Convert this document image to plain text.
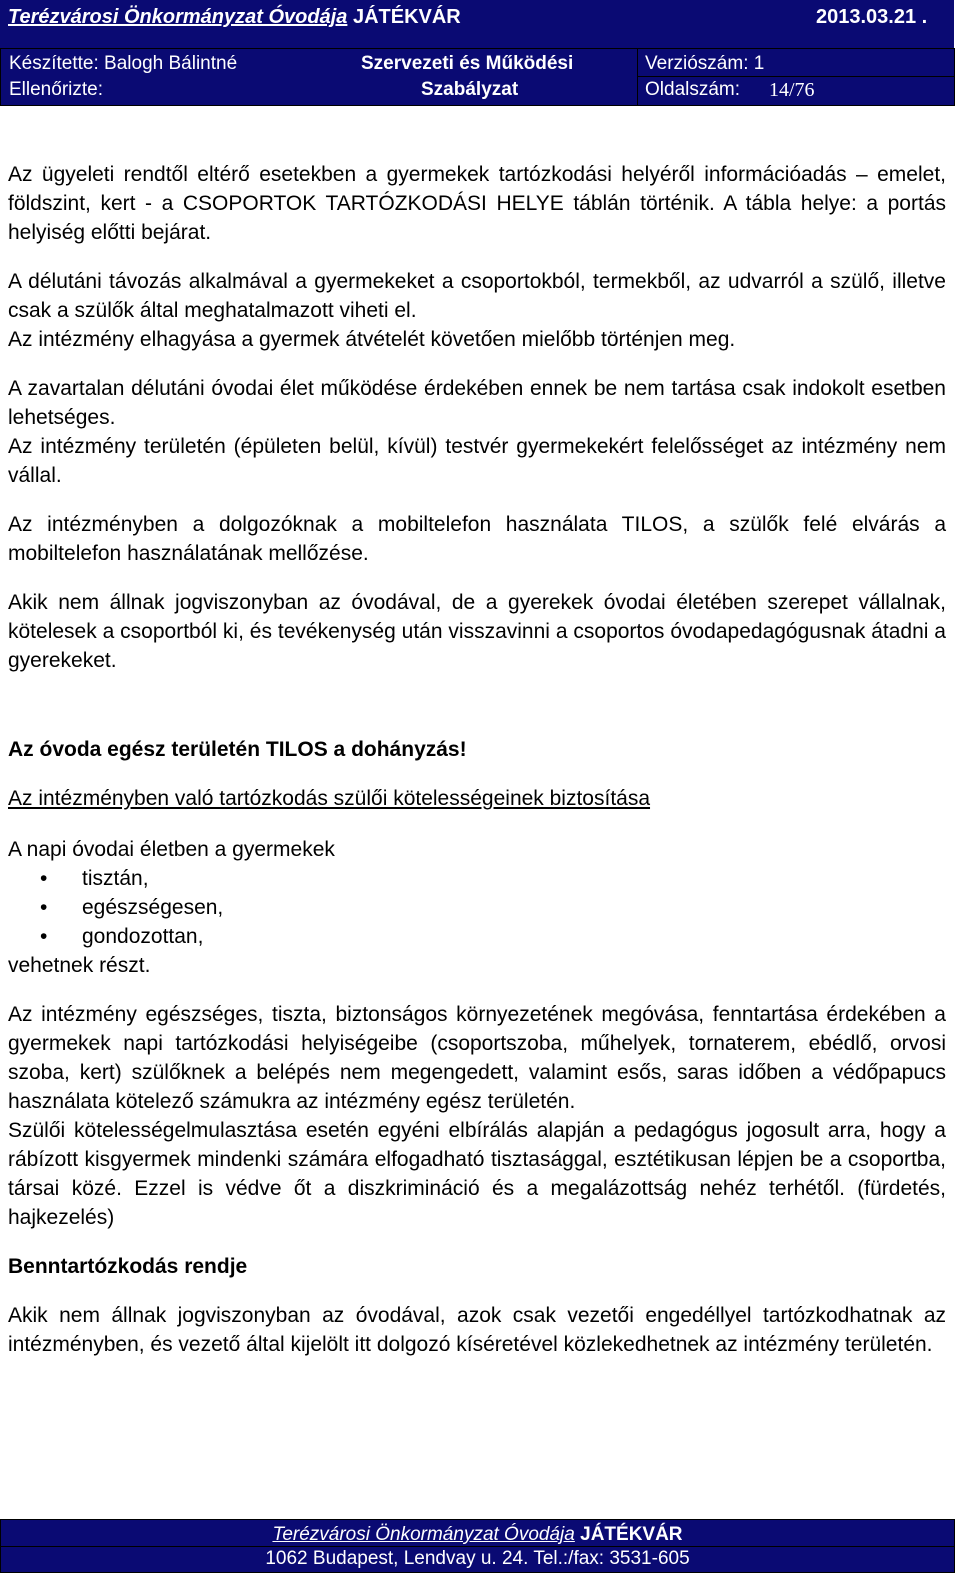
Terézvárosi Önkormányzat Óvodája JÁTÉKVÁR	2013.03.21 .
Készítette: Balogh Bálintné
Ellenőrizte:
Szervezeti és Működési
Szabályzat
Verziószám: 1
Oldalszám: 14/76

Az ügyeleti rendtől eltérő esetekben a gyermekek tartózkodási helyéről információadás – emelet, földszint, kert - a CSOPORTOK TARTÓZKODÁSI HELYE táblán történik. A tábla helye: a portás helyiség előtti bejárat.

A délutáni távozás alkalmával a gyermekeket a csoportokból, termekből, az udvarról a szülő, illetve csak a szülők által meghatalmazott viheti el.

Az intézmény elhagyása a gyermek átvételét követően mielőbb történjen meg.

A zavartalan délutáni óvodai élet működése érdekében ennek be nem tartása csak indokolt esetben lehetséges.

Az intézmény területén (épületen belül, kívül) testvér gyermekekért felelősséget az intézmény nem vállal.

Az intézményben a dolgozóknak a mobiltelefon használata TILOS, a szülők felé elvárás a mobiltelefon használatának mellőzése.

Akik nem állnak jogviszonyban az óvodával, de a gyerekek óvodai életében szerepet vállalnak, kötelesek a csoportból ki, és tevékenység után visszavinni a csoportos óvodapedagógusnak átadni a gyerekeket.

Az óvoda egész területén TILOS a dohányzás!

Az intézményben való tartózkodás szülői kötelességeinek biztosítása

A napi óvodai életben a gyermekek

• tisztán,
• egészségesen,
• gondozottan,

vehetnek részt.

Az intézmény egészséges, tiszta, biztonságos környezetének megóvása, fenntartása érdekében a gyermekek napi tartózkodási helyiségeibe (csoportszoba, műhelyek, tornaterem, ebédlő, orvosi szoba, kert) szülőknek a belépés nem megengedett, valamint esős, saras időben a védőpapucs használata kötelező számukra az intézmény egész területén.

Szülői kötelességelmulasztása esetén egyéni elbírálás alapján a pedagógus jogosult arra, hogy a rábízott kisgyermek mindenki számára elfogadható tisztasággal, esztétikusan lépjen be a csoportba, társai közé. Ezzel is védve őt a diszkrimináció és a megalázottság nehéz terhétől. (fürdetés, hajkezelés)

Benntartózkodás rendje

Akik nem állnak jogviszonyban az óvodával, azok csak vezetői engedéllyel tartózkodhatnak az intézményben, és vezető által kijelölt itt dolgozó kíséretével közlekedhetnek az intézmény területén.

Terézvárosi Önkormányzat Óvodája JÁTÉKVÁR
1062 Budapest, Lendvay u. 24. Tel.:/fax: 3531-605
